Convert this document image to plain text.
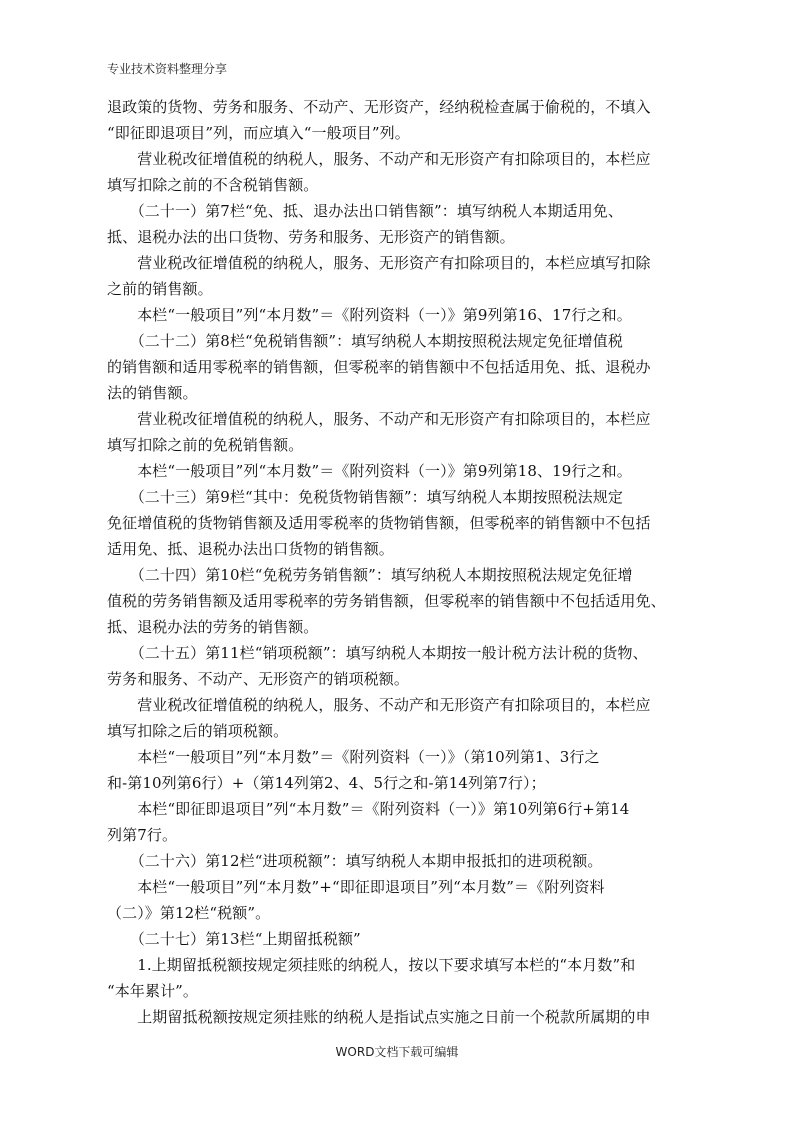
专业技术资料整理分享
退政策的货物、劳务和服务、不动产、无形资产，经纳税检查属于偷税的，不填入
“即征即退项目”列，而应填入“一般项目”列。
　　营业税改征增值税的纳税人，服务、不动产和无形资产有扣除项目的，本栏应
填写扣除之前的不含税销售额。
　　（二十一）第7栏“免、抵、退办法出口销售额”：填写纳税人本期适用免、
抵、退税办法的出口货物、劳务和服务、无形资产的销售额。
　　营业税改征增值税的纳税人，服务、无形资产有扣除项目的，本栏应填写扣除
之前的销售额。
　　本栏“一般项目”列“本月数”＝《附列资料（一）》第9列第16、17行之和。
　　（二十二）第8栏“免税销售额”：填写纳税人本期按照税法规定免征增值税
的销售额和适用零税率的销售额，但零税率的销售额中不包括适用免、抵、退税办
法的销售额。
　　营业税改征增值税的纳税人，服务、不动产和无形资产有扣除项目的，本栏应
填写扣除之前的免税销售额。
　　本栏“一般项目”列“本月数”＝《附列资料（一）》第9列第18、19行之和。
　　（二十三）第9栏“其中：免税货物销售额”：填写纳税人本期按照税法规定
免征增值税的货物销售额及适用零税率的货物销售额，但零税率的销售额中不包括
适用免、抵、退税办法出口货物的销售额。
　　（二十四）第10栏“免税劳务销售额”：填写纳税人本期按照税法规定免征增
值税的劳务销售额及适用零税率的劳务销售额，但零税率的销售额中不包括适用免、
抵、退税办法的劳务的销售额。
　　（二十五）第11栏“销项税额”：填写纳税人本期按一般计税方法计税的货物、
劳务和服务、不动产、无形资产的销项税额。
　　营业税改征增值税的纳税人，服务、不动产和无形资产有扣除项目的，本栏应
填写扣除之后的销项税额。
　　本栏“一般项目”列“本月数”＝《附列资料（一）》（第10列第1、3行之
和-第10列第6行）+（第14列第2、4、5行之和-第14列第7行）；
　　本栏“即征即退项目”列“本月数”＝《附列资料（一）》第10列第6行+第14
列第7行。
　　（二十六）第12栏“进项税额”：填写纳税人本期申报抵扣的进项税额。
　　本栏“一般项目”列“本月数”+“即征即退项目”列“本月数”＝《附列资料
（二）》第12栏“税额”。
　　（二十七）第13栏“上期留抵税额”
　　1.上期留抵税额按规定须挂账的纳税人，按以下要求填写本栏的“本月数”和
“本年累计”。
　　上期留抵税额按规定须挂账的纳税人是指试点实施之日前一个税款所属期的申
WORD文档下载可编辑
